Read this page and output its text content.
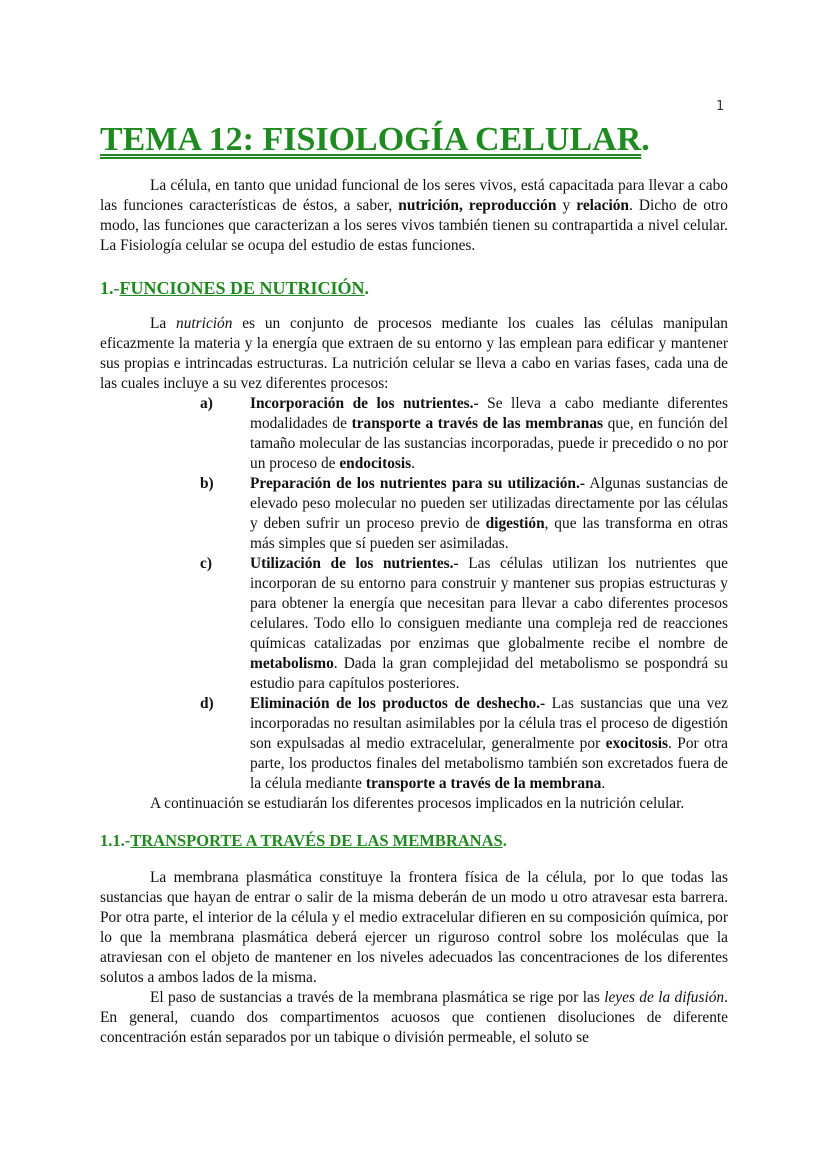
1
TEMA 12: FISIOLOGÍA CELULAR.

La célula, en tanto que unidad funcional de los seres vivos, está capacitada para llevar a cabo las funciones características de éstos, a saber, nutrición, reproducción y relación. Dicho de otro modo, las funciones que caracterizan a los seres vivos también tienen su contrapartida a nivel celular. La Fisiología celular se ocupa del estudio de estas funciones.

1.-FUNCIONES DE NUTRICIÓN.

La nutrición es un conjunto de procesos mediante los cuales las células manipulan eficazmente la materia y la energía que extraen de su entorno y las emplean para edificar y mantener sus propias e intrincadas estructuras. La nutrición celular se lleva a cabo en varias fases, cada una de las cuales incluye a su vez diferentes procesos:

a)	Incorporación de los nutrientes.- Se lleva a cabo mediante diferentes modalidades de transporte a través de las membranas que, en función del tamaño molecular de las sustancias incorporadas, puede ir precedido o no por un proceso de endocitosis.
b)	Preparación de los nutrientes para su utilización.- Algunas sustancias de elevado peso molecular no pueden ser utilizadas directamente por las células y deben sufrir un proceso previo de digestión, que las transforma en otras más simples que sí pueden ser asimiladas.
c)	Utilización de los nutrientes.- Las células utilizan los nutrientes que incorporan de su entorno para construir y mantener sus propias estructuras y para obtener la energía que necesitan para llevar a cabo diferentes procesos celulares. Todo ello lo consiguen mediante una compleja red de reacciones químicas catalizadas por enzimas que globalmente recibe el nombre de metabolismo. Dada la gran complejidad del metabolismo se pospondrá su estudio para capítulos posteriores.
d)	Eliminación de los productos de deshecho.- Las sustancias que una vez incorporadas no resultan asimilables por la célula tras el proceso de digestión son expulsadas al medio extracelular, generalmente por exocitosis. Por otra parte, los productos finales del metabolismo también son excretados fuera de la célula mediante transporte a través de la membrana.

A continuación se estudiarán los diferentes procesos implicados en la nutrición celular.

1.1.-TRANSPORTE A TRAVÉS DE LAS MEMBRANAS.

La membrana plasmática constituye la frontera física de la célula, por lo que todas las sustancias que hayan de entrar o salir de la misma deberán de un modo u otro atravesar esta barrera. Por otra parte, el interior de la célula y el medio extracelular difieren en su composición química, por lo que la membrana plasmática deberá ejercer un riguroso control sobre los moléculas que la atraviesan con el objeto de mantener en los niveles adecuados las concentraciones de los diferentes solutos a ambos lados de la misma.

El paso de sustancias a través de la membrana plasmática se rige por las leyes de la difusión. En general, cuando dos compartimentos acuosos que contienen disoluciones de diferente concentración están separados por un tabique o división permeable, el soluto se
